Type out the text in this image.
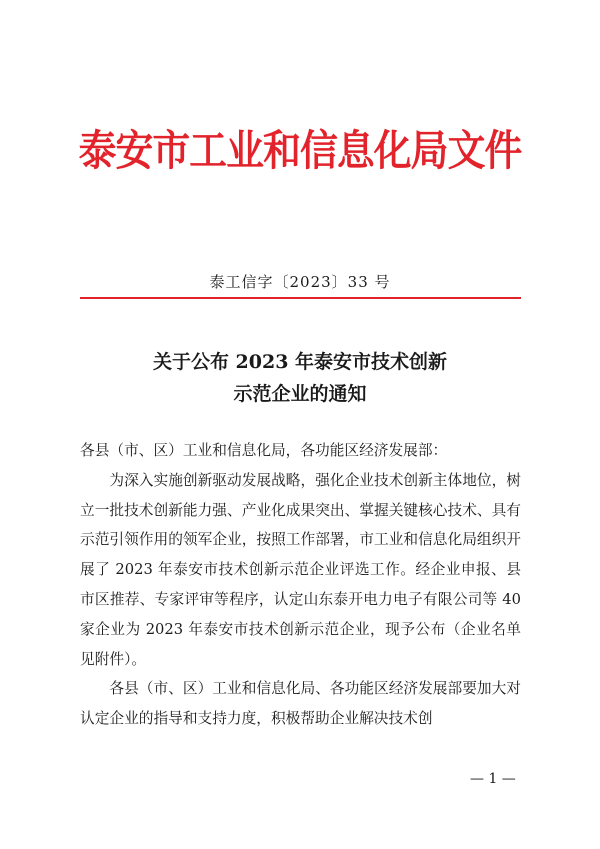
泰安市工业和信息化局文件
泰工信字〔2023〕33 号
关于公布 2023 年泰安市技术创新
示范企业的通知

各县（市、区）工业和信息化局，各功能区经济发展部：

为深入实施创新驱动发展战略，强化企业技术创新主体地位，树立一批技术创新能力强、产业化成果突出、掌握关键核心技术、具有示范引领作用的领军企业，按照工作部署，市工业和信息化局组织开展了 2023 年泰安市技术创新示范企业评选工作。经企业申报、县市区推荐、专家评审等程序，认定山东泰开电力电子有限公司等 40 家企业为 2023 年泰安市技术创新示范企业，现予公布（企业名单见附件）。

各县（市、区）工业和信息化局、各功能区经济发展部要加大对认定企业的指导和支持力度，积极帮助企业解决技术创

— 1 —
